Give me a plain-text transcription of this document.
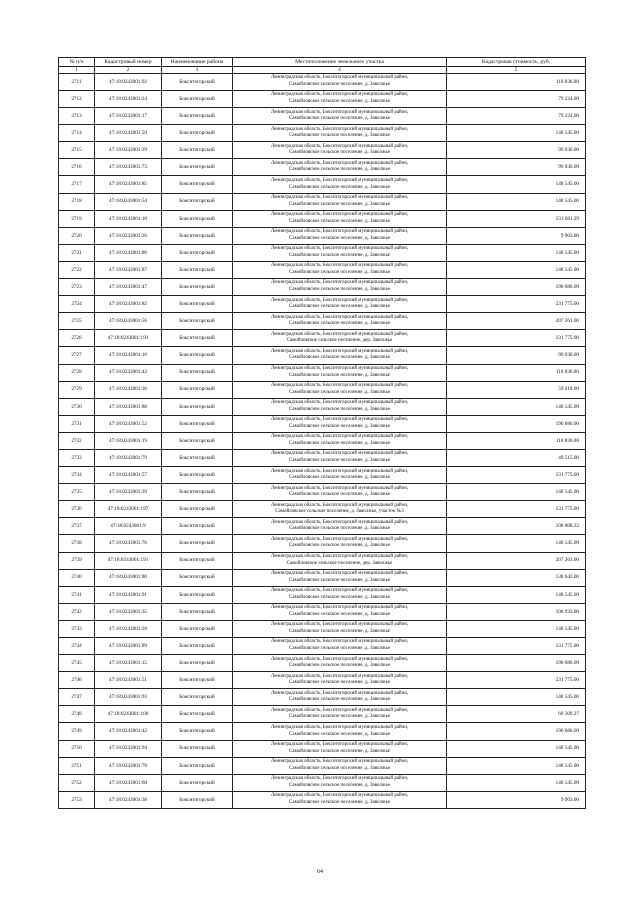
№ п/п	Кадастровый номер	Наименование района	Местоположение земельного участка	Кадастровая стоимость, руб.
1	2	3	4	5
2711	47:18:0243001:92	Бокситогорский	Ленинградская область, Бокситогорский муниципальный район,
Самойловское сельское поселение, д. Заволжье	118 836.00
2712	47:18:0243001:24	Бокситогорский	Ленинградская область, Бокситогорский муниципальный район,
Самойловское сельское поселение, д. Заволжье	79 224.00
2713	47:18:0243001:17	Бокситогорский	Ленинградская область, Бокситогорский муниципальный район,
Самойловское сельское поселение, д. Заволжье	79 224.00
2714	47:18:0243001:59	Бокситогорский	Ленинградская область, Бокситогорский муниципальный район,
Самойловское сельское поселение, д. Заволжье	148 545.00
2715	47:18:0243001:29	Бокситогорский	Ленинградская область, Бокситогорский муниципальный район,
Самойловское сельское поселение, д. Заволжье	99 030.00
2716	47:18:0243001:73	Бокситогорский	Ленинградская область, Бокситогорский муниципальный район,
Самойловское сельское поселение, д. Заволжье	99 030.00
2717	47:18:0243001:85	Бокситогорский	Ленинградская область, Бокситогорский муниципальный район,
Самойловское сельское поселение, д. Заволжье	148 545.00
2718	47:18:0243001:54	Бокситогорский	Ленинградская область, Бокситогорский муниципальный район,
Самойловское сельское поселение, д. Заволжье	148 545.00
2719	47:18:0243001:10	Бокситогорский	Ленинградская область, Бокситогорский муниципальный район,
Самойловское сельское поселение, д. Заволжье	231 681.29
2720	47:18:0243001:26	Бокситогорский	Ленинградская область, Бокситогорский муниципальный район,
Самойловское сельское поселение, д. Заволжье	9 903.00
2721	47:18:0243001:86	Бокситогорский	Ленинградская область, Бокситогорский муниципальный район,
Самойловское сельское поселение, д. Заволжье	148 545.00
2722	47:18:0243001:87	Бокситогорский	Ленинградская область, Бокситогорский муниципальный район,
Самойловское сельское поселение, д. Заволжье	148 545.00
2723	47:18:0243001:47	Бокситогорский	Ленинградская область, Бокситогорский муниципальный район,
Самойловское сельское поселение, д. Заволжье	190 680.00
2724	47:18:0243001:82	Бокситогорский	Ленинградская область, Бокситогорский муниципальный район,
Самойловское сельское поселение, д. Заволжье	231 775.00
2725	47:18:0243001:56	Бокситогорский	Ленинградская область, Бокситогорский муниципальный район,
Самойловское сельское поселение, д. Заволжье	207 261.00
2726	47:18:0243001:193	Бокситогорский	Ленинградская область, Бокситогорский муниципальный район,
Самойловское сельское поселение, дер. Заволжье	231 775.00
2727	47:18:0243001:16	Бокситогорский	Ленинградская область, Бокситогорский муниципальный район,
Самойловское сельское поселение, д. Заволжье	99 030.00
2728	47:18:0243001:42	Бокситогорский	Ленинградская область, Бокситогорский муниципальный район,
Самойловское сельское поселение, д. Заволжье	118 836.00
2729	47:18:0243001:36	Бокситогорский	Ленинградская область, Бокситогорский муниципальный район,
Самойловское сельское поселение, д. Заволжье	59 418.00
2730	47:18:0243001:88	Бокситогорский	Ленинградская область, Бокситогорский муниципальный район,
Самойловское сельское поселение, д. Заволжье	148 545.00
2731	47:18:0243001:52	Бокситогорский	Ленинградская область, Бокситогорский муниципальный район,
Самойловское сельское поселение, д. Заволжье	190 686.00
2732	47:18:0243001:19	Бокситогорский	Ленинградская область, Бокситогорский муниципальный район,
Самойловское сельское поселение, д. Заволжье	118 836.00
2733	47:18:0243001:79	Бокситогорский	Ленинградская область, Бокситогорский муниципальный район,
Самойловское сельское поселение, д. Заволжье	49 515.00
2734	47:18:0243001:57	Бокситогорский	Ленинградская область, Бокситогорский муниципальный район,
Самойловское сельское поселение, д. Заволжье	231 775.00
2735	47:18:0243001:39	Бокситогорский	Ленинградская область, Бокситогорский муниципальный район,
Самойловское сельское поселение, д. Заволжье	148 545.00
2736	47:18:0243001:197	Бокситогорский	Ленинградская область, Бокситогорский муниципальный район,
Самойловское сельское поселение, д. Заволжье, участок №3	231 775.00
2737	47:18:0243001:9	Бокситогорский	Ленинградская область, Бокситогорский муниципальный район,
Самойловское сельское поселение, д. Заволжье	108 808.22
2738	47:18:0243001:76	Бокситогорский	Ленинградская область, Бокситогорский муниципальный район,
Самойловское сельское поселение, д. Заволжье	148 545.00
2739	47:18:0243001:191	Бокситогорский	Ленинградская область, Бокситогорский муниципальный район,
Самойловское сельское поселение, дер. Заволжье	207 261.00
2740	47:18:0243001:80	Бокситогорский	Ленинградская область, Бокситогорский муниципальный район,
Самойловское сельское поселение, д. Заволжье	138 642.00
2741	47:18:0243001:91	Бокситогорский	Ленинградская область, Бокситогорский муниципальный район,
Самойловское сельское поселение, д. Заволжье	148 545.00
2742	47:18:0243001:35	Бокситогорский	Ленинградская область, Бокситогорский муниципальный район,
Самойловское сельское поселение, д. Заволжье	108 933.00
2743	47:18:0243001:28	Бокситогорский	Ленинградская область, Бокситогорский муниципальный район,
Самойловское сельское поселение, д. Заволжье	148 545.00
2744	47:18:0243001:89	Бокситогорский	Ленинградская область, Бокситогорский муниципальный район,
Самойловское сельское поселение, д. Заволжье	231 775.00
2745	47:18:0243001:15	Бокситогорский	Ленинградская область, Бокситогорский муниципальный район,
Самойловское сельское поселение, д. Заволжье	190 680.00
2746	47:18:0243001:51	Бокситогорский	Ленинградская область, Бокситогорский муниципальный район,
Самойловское сельское поселение, д. Заволжье	231 775.00
2747	47:18:0243001:93	Бокситогорский	Ленинградская область, Бокситогорский муниципальный район,
Самойловское сельское поселение, д. Заволжье	148 545.00
2748	47:18:0243001:100	Бокситогорский	Ленинградская область, Бокситогорский муниципальный район,
Самойловское сельское поселение, д. Заволжье	60 309.27
2749	47:18:0243001:42	Бокситогорский	Ленинградская область, Бокситогорский муниципальный район,
Самойловское сельское поселение, д. Заволжье	190 686.00
2750	47:18:0243001:94	Бокситогорский	Ленинградская область, Бокситогорский муниципальный район,
Самойловское сельское поселение, д. Заволжье	148 545.00
2751	47:18:0243001:78	Бокситогорский	Ленинградская область, Бокситогорский муниципальный район,
Самойловское сельское поселение, д. Заволжье	148 545.00
2752	47:18:0243001:60	Бокситогорский	Ленинградская область, Бокситогорский муниципальный район,
Самойловское сельское поселение, д. Заволжье	148 545.00
2753	47:18:0243001:38	Бокситогорский	Ленинградская область, Бокситогорский муниципальный район,
Самойловское сельское поселение, д. Заволжье	9 903.00
64
